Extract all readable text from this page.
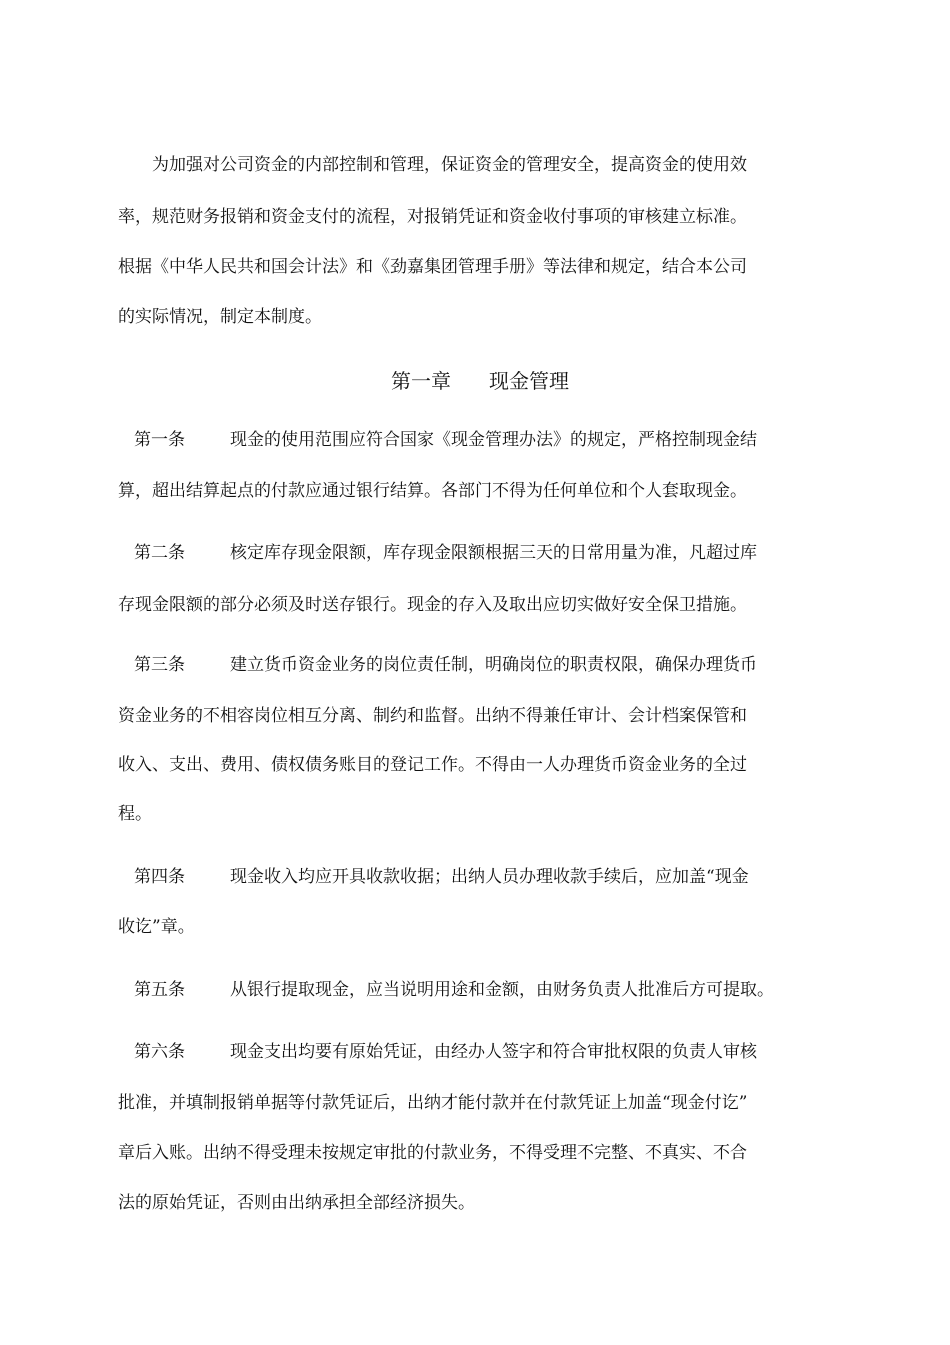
为加强对公司资金的内部控制和管理，保证资金的管理安全，提高资金的使用效
率，规范财务报销和资金支付的流程，对报销凭证和资金收付事项的审核建立标准。
根据《中华人民共和国会计法》和《劲嘉集团管理手册》等法律和规定，结合本公司
的实际情况，制定本制度。
第一章 现金管理
第一条	现金的使用范围应符合国家《现金管理办法》的规定，严格控制现金结
算，超出结算起点的付款应通过银行结算。各部门不得为任何单位和个人套取现金。
第二条	核定库存现金限额，库存现金限额根据三天的日常用量为准，凡超过库
存现金限额的部分必须及时送存银行。现金的存入及取出应切实做好安全保卫措施。
第三条	建立货币资金业务的岗位责任制，明确岗位的职责权限，确保办理货币
资金业务的不相容岗位相互分离、制约和监督。出纳不得兼任审计、会计档案保管和
收入、支出、费用、债权债务账目的登记工作。不得由一人办理货币资金业务的全过
程。
第四条	现金收入均应开具收款收据；出纳人员办理收款手续后，应加盖“现金
收讫”章。
第五条	从银行提取现金，应当说明用途和金额，由财务负责人批准后方可提取。
第六条	现金支出均要有原始凭证，由经办人签字和符合审批权限的负责人审核
批准，并填制报销单据等付款凭证后，出纳才能付款并在付款凭证上加盖“现金付讫”
章后入账。出纳不得受理未按规定审批的付款业务，不得受理不完整、不真实、不合
法的原始凭证，否则由出纳承担全部经济损失。
